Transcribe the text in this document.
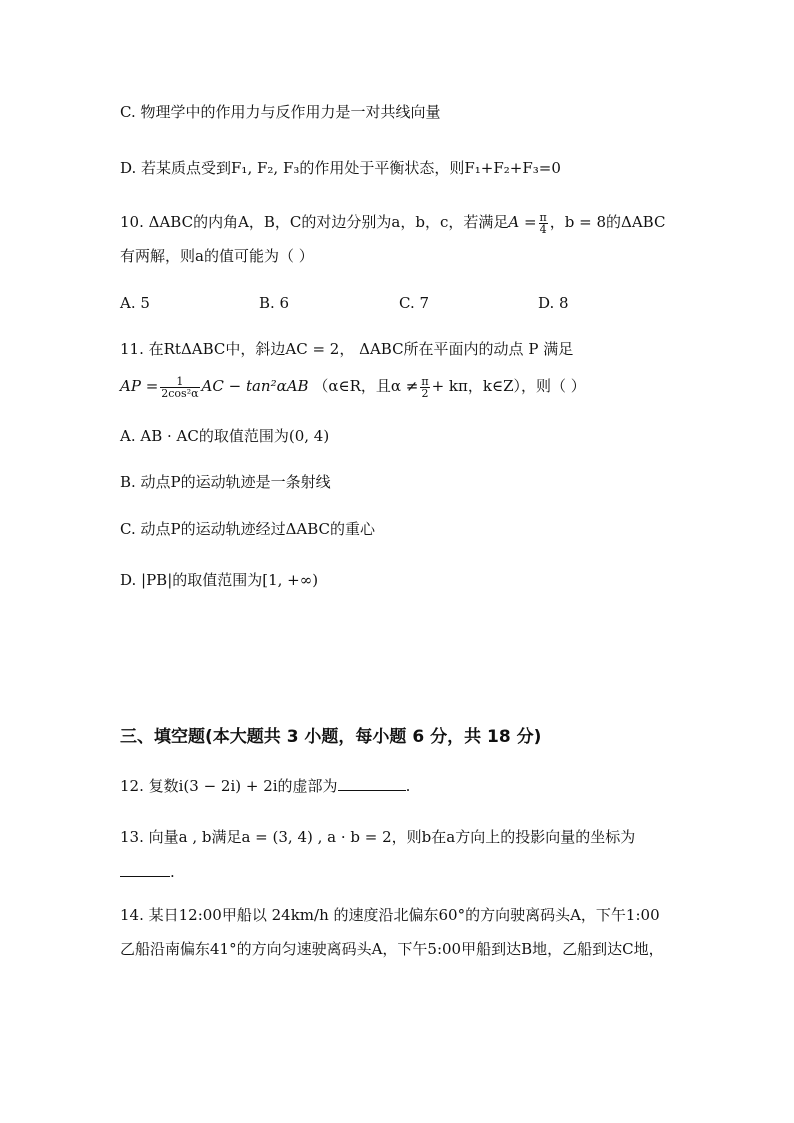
C. 物理学中的作用力与反作用力是一对共线向量
D. 若某质点受到F₁, F₂, F₃的作用处于平衡状态，则F₁+F₂+F₃=0
10. ΔABC的内角A，B，C的对边分别为a，b，c，若满足$A = \frac{\pi}{4}$ ，b = 8的ΔABC
有两解，则a的值可能为（ ）
A. 5	B. 6	C. 7	D. 8
11. 在RtΔABC中，斜边AC = 2， ΔABC所在平面内的动点 P 满足
AP = $\frac{1}{\text{2cos²α}}$ AC − tan²αAB （α∈R，且$\alpha \ne \frac{\pi}{2} + k\pi$，k∈Z），则（ ）
A. AB · AC的取值范围为(0, 4)
B. 动点P的运动轨迹是一条射线
C. 动点P的运动轨迹经过ΔABC的重心
D. |PB|的取值范围为[1, +∞)
三、填空题(本大题共 3 小题，每小题 6 分，共 18 分)
12. 复数i(3 − 2i) + 2i的虚部为	.
13. 向量a , b满足a = (3, 4) , a · b = 2，则b在a方向上的投影向量的坐标为
.
14. 某日12:00甲船以 24km/h 的速度沿北偏东60°的方向驶离码头A，下午1:00
乙船沿南偏东41°的方向匀速驶离码头A，下午5:00甲船到达B地，乙船到达C地，
